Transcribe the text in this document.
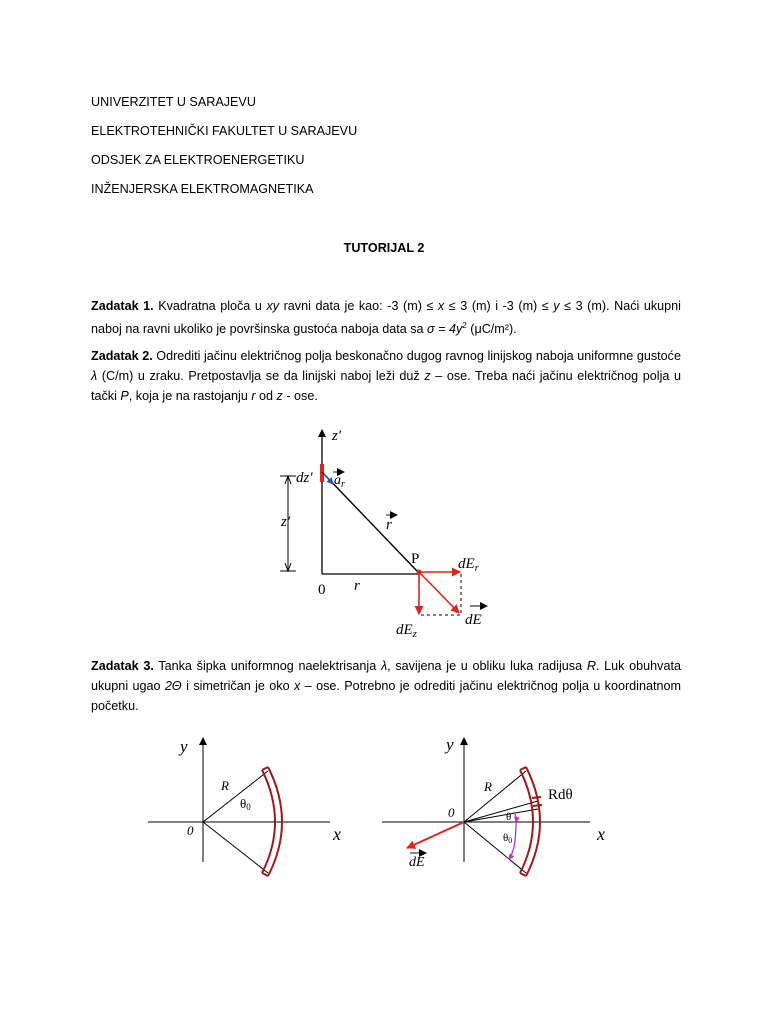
UNIVERZITET U SARAJEVU
ELEKTROTEHNIČKI FAKULTET U SARAJEVU
ODSJEK ZA ELEKTROENERGETIKU
INŽENJERSKA ELEKTROMAGNETIKA
TUTORIJAL 2
Zadatak 1. Kvadratna ploča u xy ravni data je kao: -3 (m) ≤ x ≤ 3 (m) i -3 (m) ≤ y ≤ 3 (m). Naći ukupni naboj na ravni ukoliko je površinska gustoća naboja data sa $\sigma = 4y^2$ (μC/m²).
Zadatak 2. Odrediti jačinu električnog polja beskonačno dugog ravnog linijskog naboja uniformne gustoće λ (C/m) u zraku. Pretpostavlja se da linijski naboj leži duž z – ose. Treba naći jačinu električnog polja u tački P, koja je na rastojanju r od z - ose.
Zadatak 3. Tanka šipka uniformnog naelektrisanja λ, savijena je u obliku luka radijusa R. Luk obuhvata ukupni ugao 2Θ i simetričan je oko x – ose. Potrebno je odrediti jačinu električnog polja u koordinatnom početku.
z′
dz′ $a_r$
z′	r
P
0 r
$dE_r$
dE
$dE_z$
y
x
0
R
θ0
y
x
0
R
Rdθ
θ
θ0
dE
